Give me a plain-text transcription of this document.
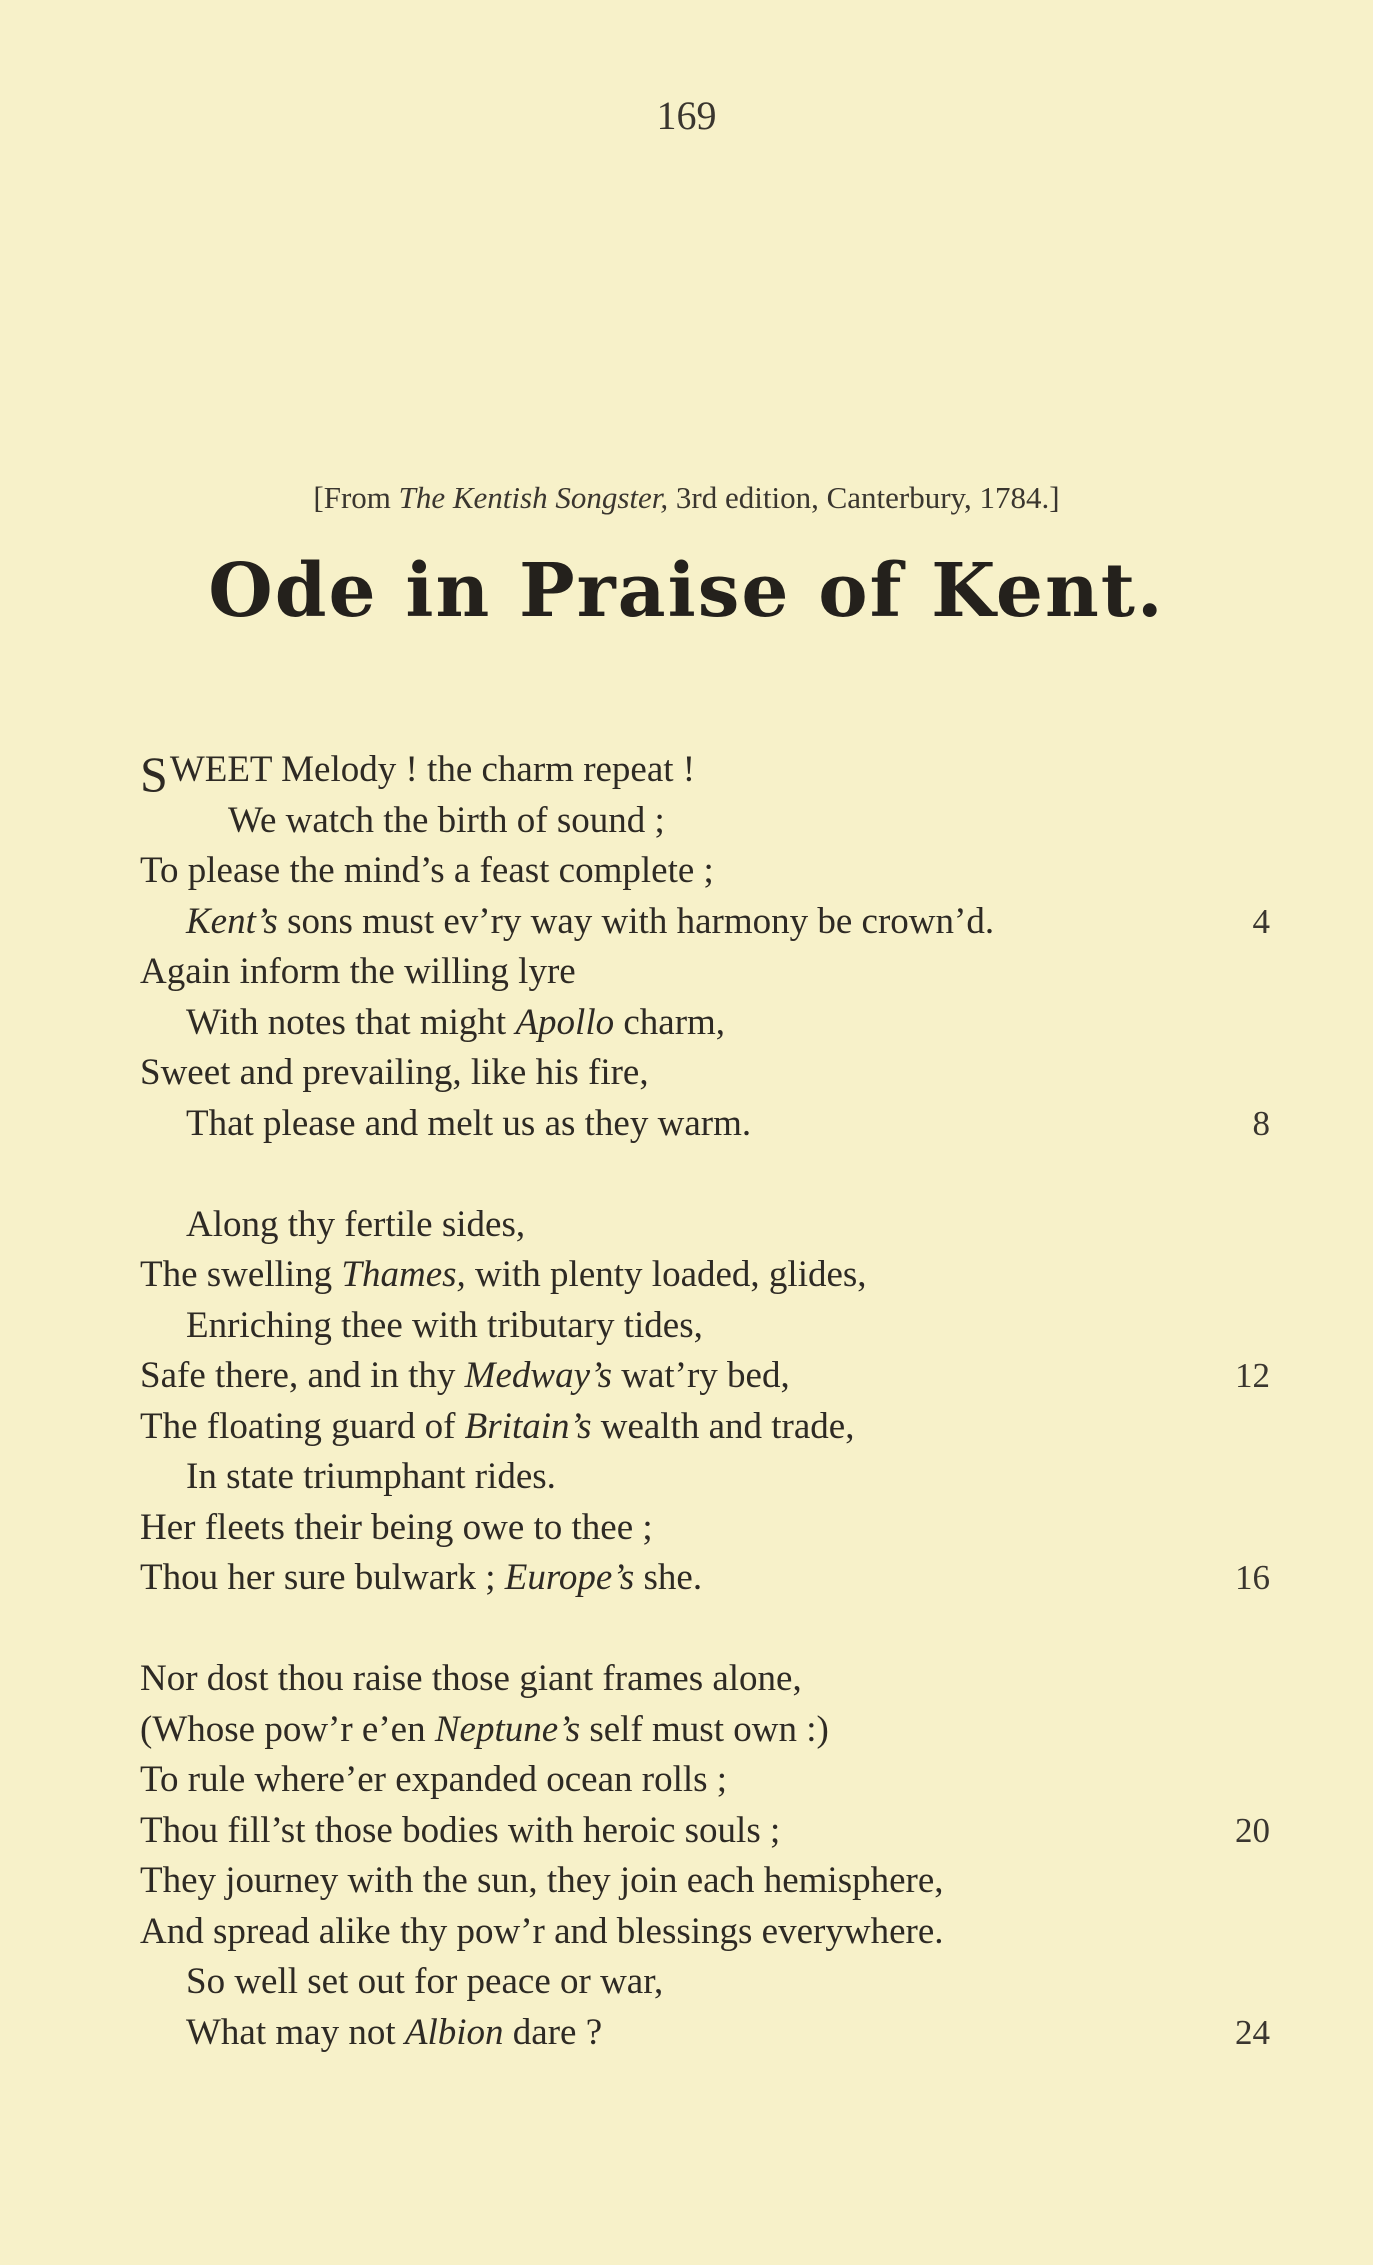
169
[From The Kentish Songster, 3rd edition, Canterbury, 1784.]
Ode in Praise of Kent.
SWEET Melody ! the charm repeat !
We watch the birth of sound ;
To please the mind’s a feast complete ;
Kent’s sons must ev’ry way with harmony be crown’d.	4
Again inform the willing lyre
With notes that might Apollo charm,
Sweet and prevailing, like his fire,
That please and melt us as they warm.	8
Along thy fertile sides,
The swelling Thames, with plenty loaded, glides,
Enriching thee with tributary tides,
Safe there, and in thy Medway’s wat’ry bed,	12
The floating guard of Britain’s wealth and trade,
In state triumphant rides.
Her fleets their being owe to thee ;
Thou her sure bulwark ; Europe’s she.	16
Nor dost thou raise those giant frames alone,
(Whose pow’r e’en Neptune’s self must own :)
To rule where’er expanded ocean rolls ;
Thou fill’st those bodies with heroic souls ;	20
They journey with the sun, they join each hemisphere,
And spread alike thy pow’r and blessings everywhere.
So well set out for peace or war,
What may not Albion dare ?	24
